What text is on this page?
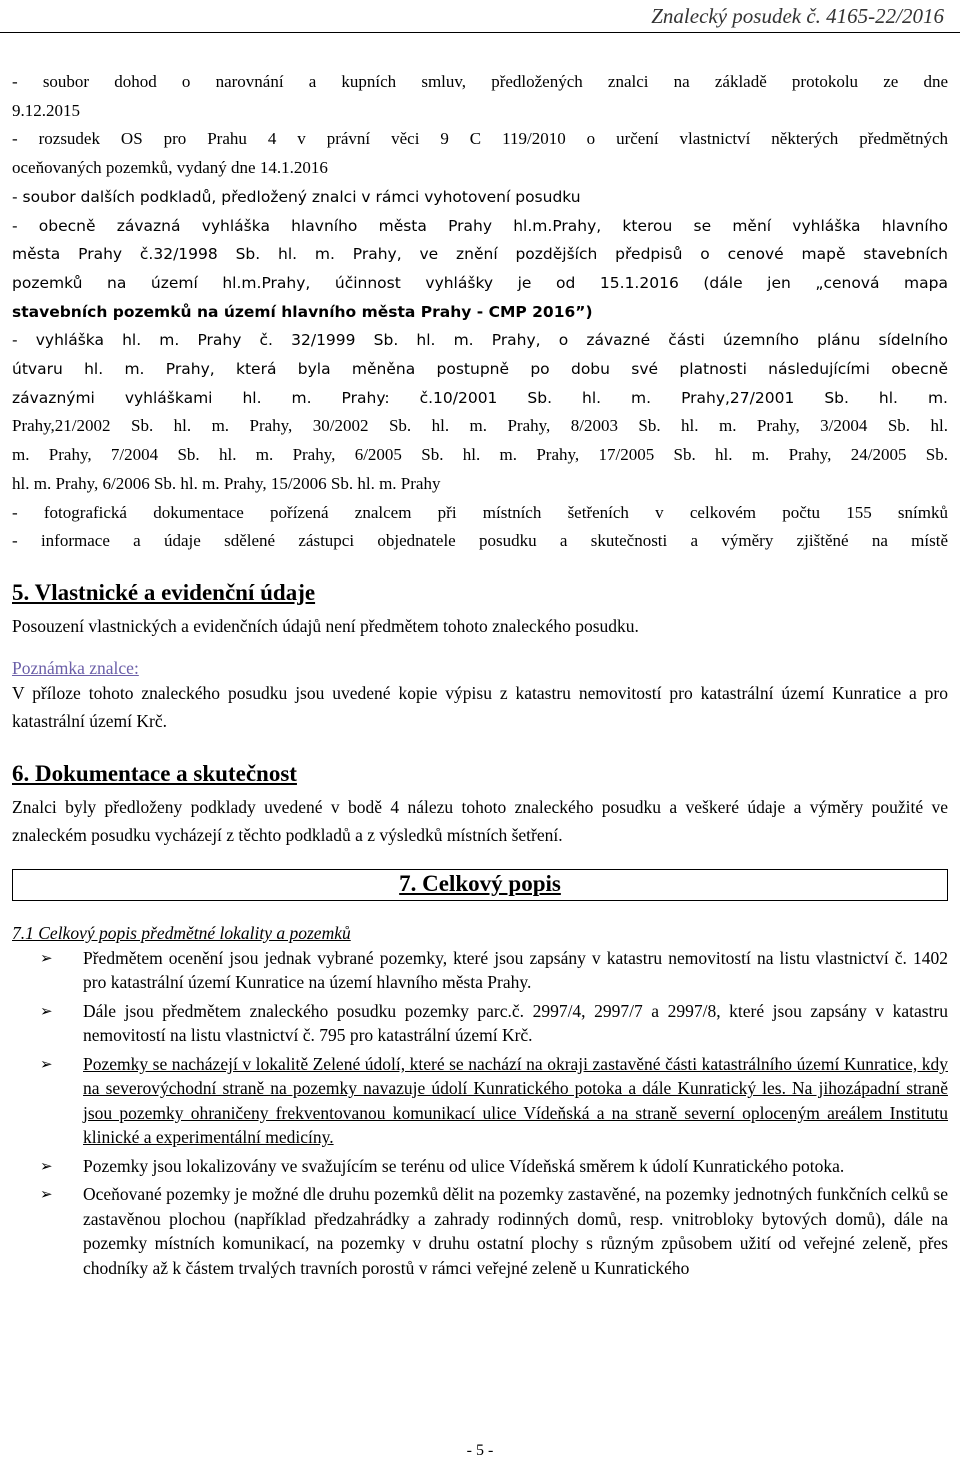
Znalecký posudek č. 4165-22/2016
- soubor dohod o narovnání a kupních smluv, předložených znalci na základě protokolu ze dne
9.12.2015
- rozsudek OS pro Prahu 4 v právní věci 9 C 119/2010 o určení vlastnictví některých předmětných
oceňovaných pozemků, vydaný dne 14.1.2016
- soubor dalších podkladů, předložený znalci v rámci vyhotovení posudku
- obecně závazná vyhláška hlavního města Prahy hl.m.Prahy, kterou se mění vyhláška hlavního
města Prahy č.32/1998 Sb. hl. m. Prahy, ve znění pozdějších předpisů o cenové mapě stavebních
pozemků na území hl.m.Prahy, účinnost vyhlášky je od 15.1.2016 (dále jen „cenová mapa
stavebních pozemků na území hlavního města Prahy - CMP 2016”)
- vyhláška hl. m. Prahy č. 32/1999 Sb. hl. m. Prahy, o závazné části územního plánu sídelního
útvaru hl. m. Prahy, která byla měněna postupně po dobu své platnosti následujícími obecně
závaznými vyhláškami hl. m. Prahy: č.10/2001 Sb. hl. m. Prahy,27/2001 Sb. hl. m.
Prahy,21/2002 Sb. hl. m. Prahy, 30/2002 Sb. hl. m. Prahy, 8/2003 Sb. hl. m. Prahy, 3/2004 Sb. hl.
m. Prahy, 7/2004 Sb. hl. m. Prahy, 6/2005 Sb. hl. m. Prahy, 17/2005 Sb. hl. m. Prahy, 24/2005 Sb.
hl. m. Prahy, 6/2006 Sb. hl. m. Prahy, 15/2006 Sb. hl. m. Prahy
- fotografická dokumentace pořízená znalcem při místních šetřeních v celkovém počtu 155 snímků
- informace a údaje sdělené zástupci objednatele posudku a skutečnosti a výměry zjištěné na místě
5. Vlastnické a evidenční údaje
Posouzení vlastnických a evidenčních údajů není předmětem tohoto znaleckého posudku.
Poznámka znalce:
V příloze tohoto znaleckého posudku jsou uvedené kopie výpisu z katastru nemovitostí pro katastrální území Kunratice a pro katastrální území Krč.
6. Dokumentace a skutečnost
Znalci byly předloženy podklady uvedené v bodě 4 nálezu tohoto znaleckého posudku a veškeré údaje a výměry použité ve znaleckém posudku vycházejí z těchto podkladů a z výsledků místních šetření.
7. Celkový popis
7.1 Celkový popis předmětné lokality a pozemků
➢ Předmětem ocenění jsou jednak vybrané pozemky, které jsou zapsány v katastru nemovitostí na listu vlastnictví č. 1402 pro katastrální území Kunratice na území hlavního města Prahy.
➢ Dále jsou předmětem znaleckého posudku pozemky parc.č. 2997/4, 2997/7 a 2997/8, které jsou zapsány v katastru nemovitostí na listu vlastnictví č. 795 pro katastrální území Krč.
➢ Pozemky se nacházejí v lokalitě Zelené údolí, které se nachází na okraji zastavěné části katastrálního území Kunratice, kdy na severovýchodní straně na pozemky navazuje údolí Kunratického potoka a dále Kunratický les. Na jihozápadní straně jsou pozemky ohraničeny frekventovanou komunikací ulice Vídeňská a na straně severní oploceným areálem Institutu klinické a experimentální medicíny.
➢ Pozemky jsou lokalizovány ve svažujícím se terénu od ulice Vídeňská směrem k údolí Kunratického potoka.
➢ Oceňované pozemky je možné dle druhu pozemků dělit na pozemky zastavěné, na pozemky jednotných funkčních celků se zastavěnou plochou (například předzahrádky a zahrady rodinných domů, resp. vnitrobloky bytových domů), dále na pozemky místních komunikací, na pozemky v druhu ostatní plochy s různým způsobem užití od veřejné zeleně, přes chodníky až k částem trvalých travních porostů v rámci veřejné zeleně u Kunratického
- 5 -
